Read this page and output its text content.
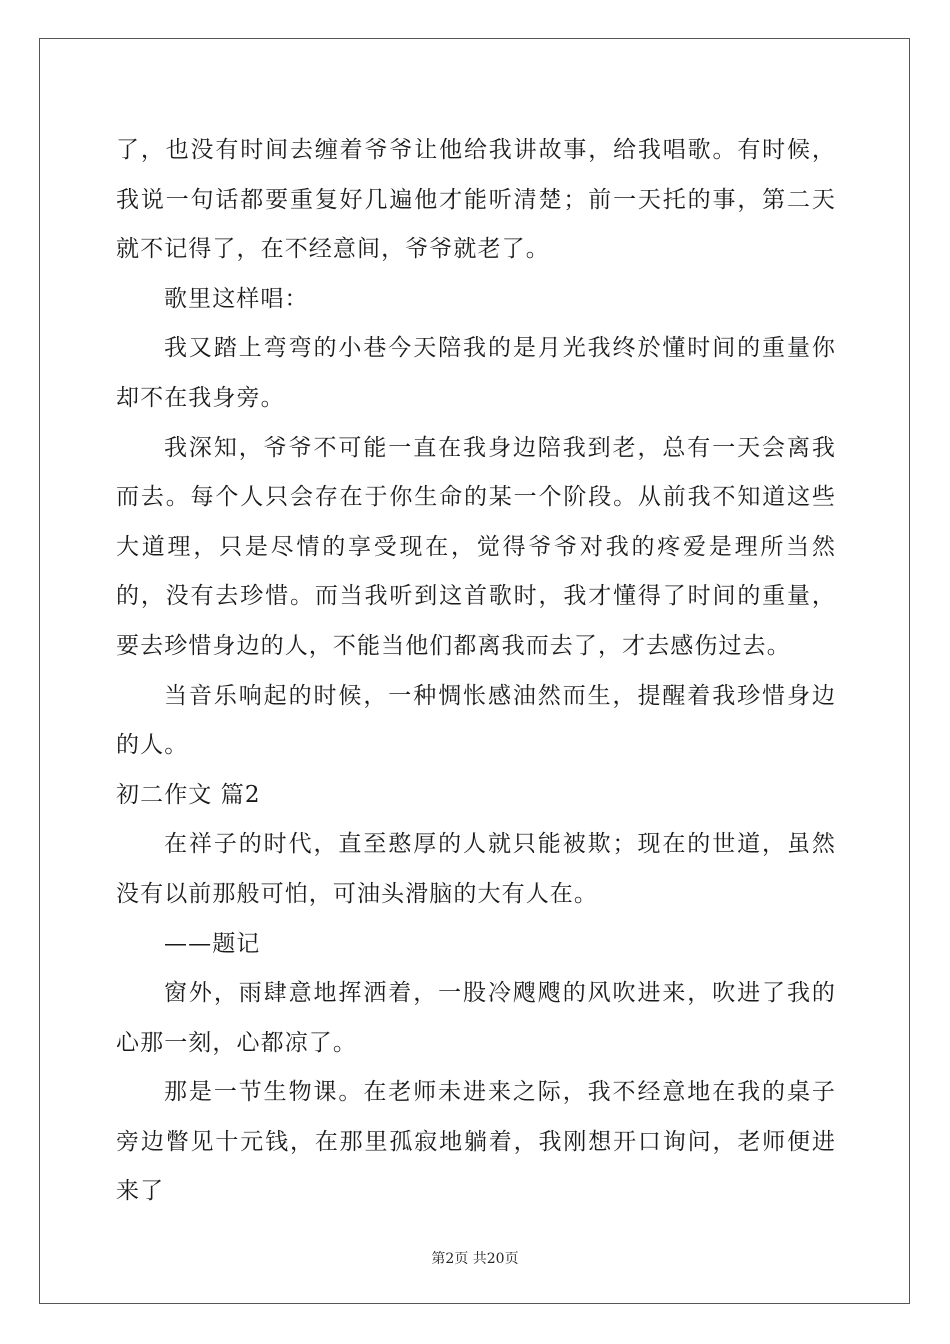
了，也没有时间去缠着爷爷让他给我讲故事，给我唱歌。有时候，我说一句话都要重复好几遍他才能听清楚；前一天托的事，第二天就不记得了，在不经意间，爷爷就老了。

歌里这样唱：

我又踏上弯弯的小巷今天陪我的是月光我终於懂时间的重量你却不在我身旁。

我深知，爷爷不可能一直在我身边陪我到老，总有一天会离我而去。每个人只会存在于你生命的某一个阶段。从前我不知道这些大道理，只是尽情的享受现在，觉得爷爷对我的疼爱是理所当然的，没有去珍惜。而当我听到这首歌时，我才懂得了时间的重量，要去珍惜身边的人，不能当他们都离我而去了，才去感伤过去。

当音乐响起的时候，一种惆怅感油然而生，提醒着我珍惜身边的人。

初二作文 篇2

在祥子的时代，直至憨厚的人就只能被欺；现在的世道，虽然没有以前那般可怕，可油头滑脑的大有人在。

——题记

窗外，雨肆意地挥洒着，一股冷飕飕的风吹进来，吹进了我的心那一刻，心都凉了。

那是一节生物课。在老师未进来之际，我不经意地在我的桌子旁边瞥见十元钱，在那里孤寂地躺着，我刚想开口询问，老师便进来了

第2页 共20页
